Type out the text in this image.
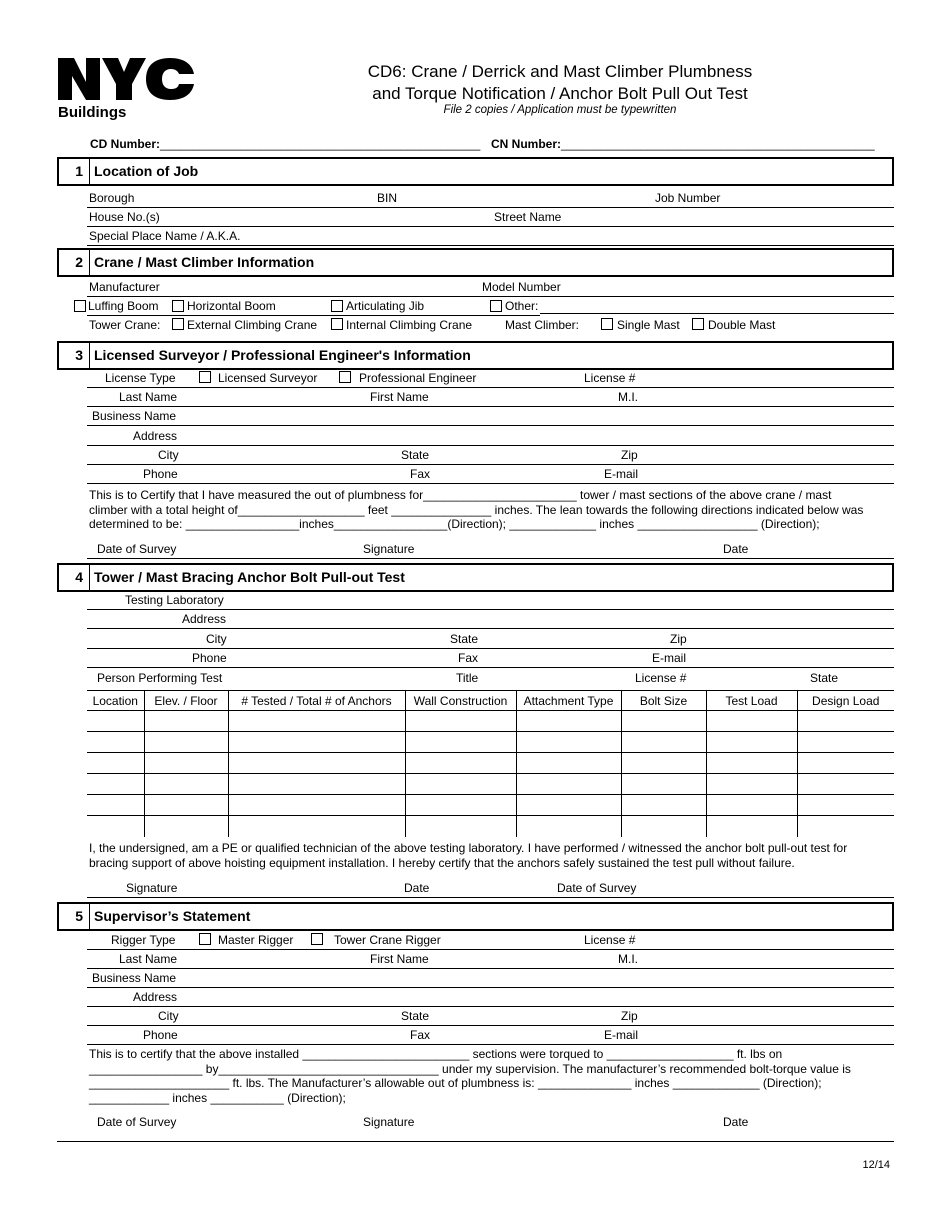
Buildings
CD6: Crane / Derrick and Mast Climber Plumbness
and Torque Notification / Anchor Bolt Pull Out Test
File 2 copies / Application must be typewritten
CD Number:________________________________________________ CN Number:_______________________________________________
1 Location of Job
Borough	BIN	Job Number
House No.(s)	Street Name
Special Place Name / A.K.A.
2 Crane / Mast Climber Information
Manufacturer	Model Number
Luffing Boom Horizontal Boom	Articulating Jib	Other:
Tower Crane: External Climbing Crane Internal Climbing Crane	Mast Climber:	Single Mast Double Mast
3 Licensed Surveyor / Professional Engineer's Information
License Type	Licensed Surveyor	Professional Engineer	License #
Last Name	First Name	M.I.
Business Name
Address
City	State	Zip
Phone	Fax	E-mail
This is to Certify that I have measured the out of plumbness for_______________________ tower / mast sections of the above crane / mast
climber with a total height of___________________ feet _______________ inches. The lean towards the following directions indicated below was
determined to be: _________________inches_________________(Direction); _____________ inches __________________ (Direction);
Date of Survey	Signature	Date
4 Tower / Mast Bracing Anchor Bolt Pull-out Test
Testing Laboratory
Address
City	State	Zip
Phone	Fax	E-mail
Person Performing Test	Title	License #	State
Location	Elev. / Floor	# Tested / Total # of Anchors	Wall Construction	Attachment Type	Bolt Size	Test Load	Design Load

I, the undersigned, am a PE or qualified technician of the above testing laboratory. I have performed / witnessed the anchor bolt pull-out test for
bracing support of above hoisting equipment installation. I hereby certify that the anchors safely sustained the test pull without failure.
Signature	Date	Date of Survey
5 Supervisor’s Statement
Rigger Type	Master Rigger	Tower Crane Rigger	License #
Last Name	First Name	M.I.
Business Name
Address
City	State	Zip
Phone	Fax	E-mail
This is to certify that the above installed _________________________ sections were torqued to ___________________ ft. lbs on
_________________ by_________________________________ under my supervision. The manufacturer’s recommended bolt-torque value is
_____________________ ft. lbs. The Manufacturer’s allowable out of plumbness is: ______________ inches _____________ (Direction);
____________ inches ___________ (Direction);
Date of Survey	Signature	Date
12/14
